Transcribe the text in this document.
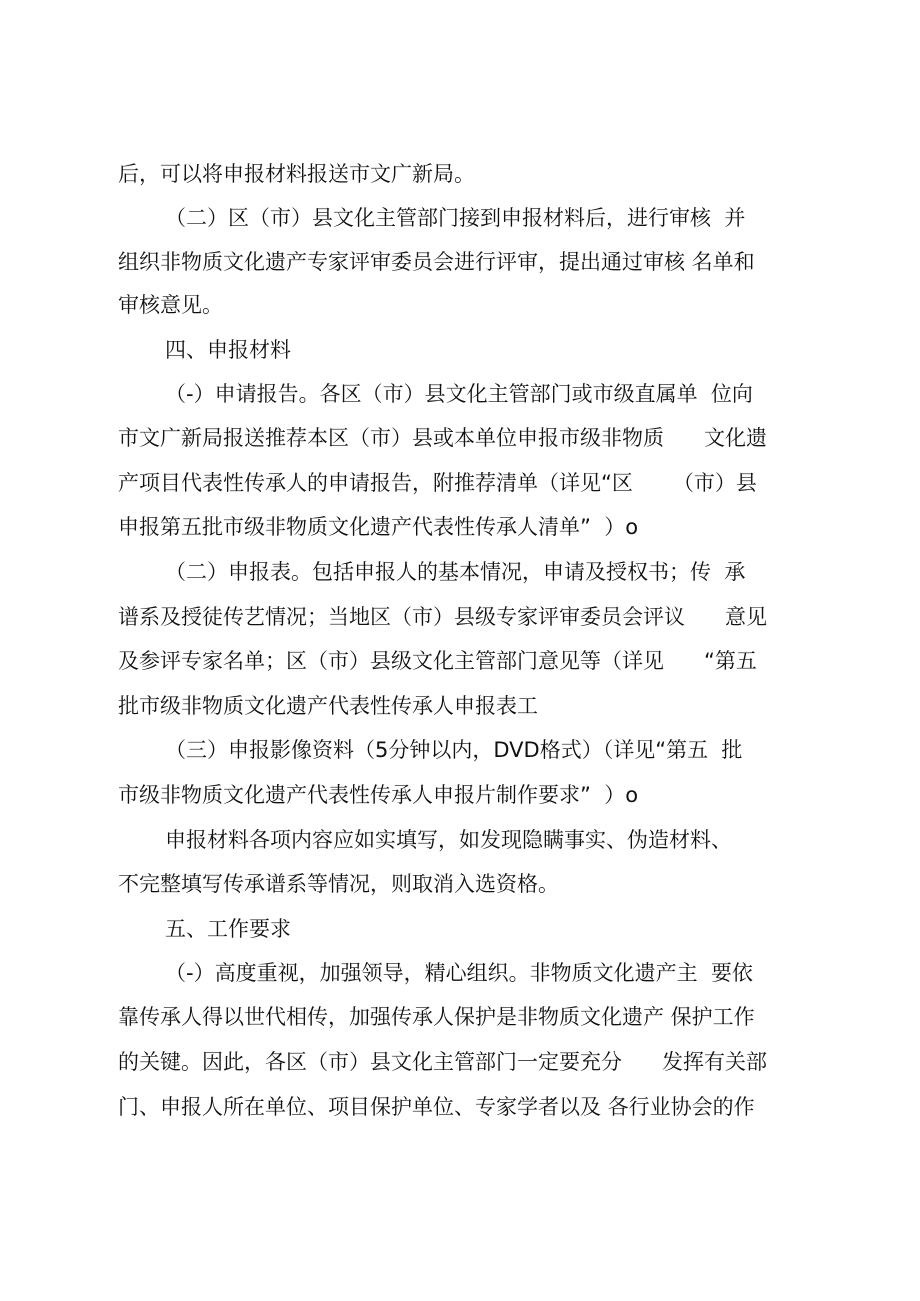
后，可以将申报材料报送市文广新局。
（二）区（市）县文化主管部门接到申报材料后，进行审核  并
组织非物质文化遗产专家评审委员会进行评审，提出通过审核 名单和
审核意见。
四、申报材料
（-）申请报告。各区（市）县文化主管部门或市级直属单  位向
市文广新局报送推荐本区（市）县或本单位申报市级非物质      文化遗
产项目代表性传承人的申请报告，附推荐清单（详见“区      （市）县
申报第五批市级非物质文化遗产代表性传承人清单”  ）o
（二）申报表。包括申报人的基本情况，申请及授权书；传  承
谱系及授徒传艺情况；当地区（市）县级专家评审委员会评议      意见
及参评专家名单；区（市）县级文化主管部门意见等（详见      “第五
批市级非物质文化遗产代表性传承人申报表工
（三）申报影像资料（5分钟以内，DVD格式）（详见“第五  批
市级非物质文化遗产代表性传承人申报片制作要求”  ）o
申报材料各项内容应如实填写，如发现隐瞒事实、伪造材料、
不完整填写传承谱系等情况，则取消入选资格。
五、工作要求
（-）高度重视，加强领导，精心组织。非物质文化遗产主  要依
靠传承人得以世代相传，加强传承人保护是非物质文化遗产 保护工作
的关键。因此，各区（市）县文化主管部门一定要充分      发挥有关部
门、申报人所在单位、项目保护单位、专家学者以及 各行业协会的作
